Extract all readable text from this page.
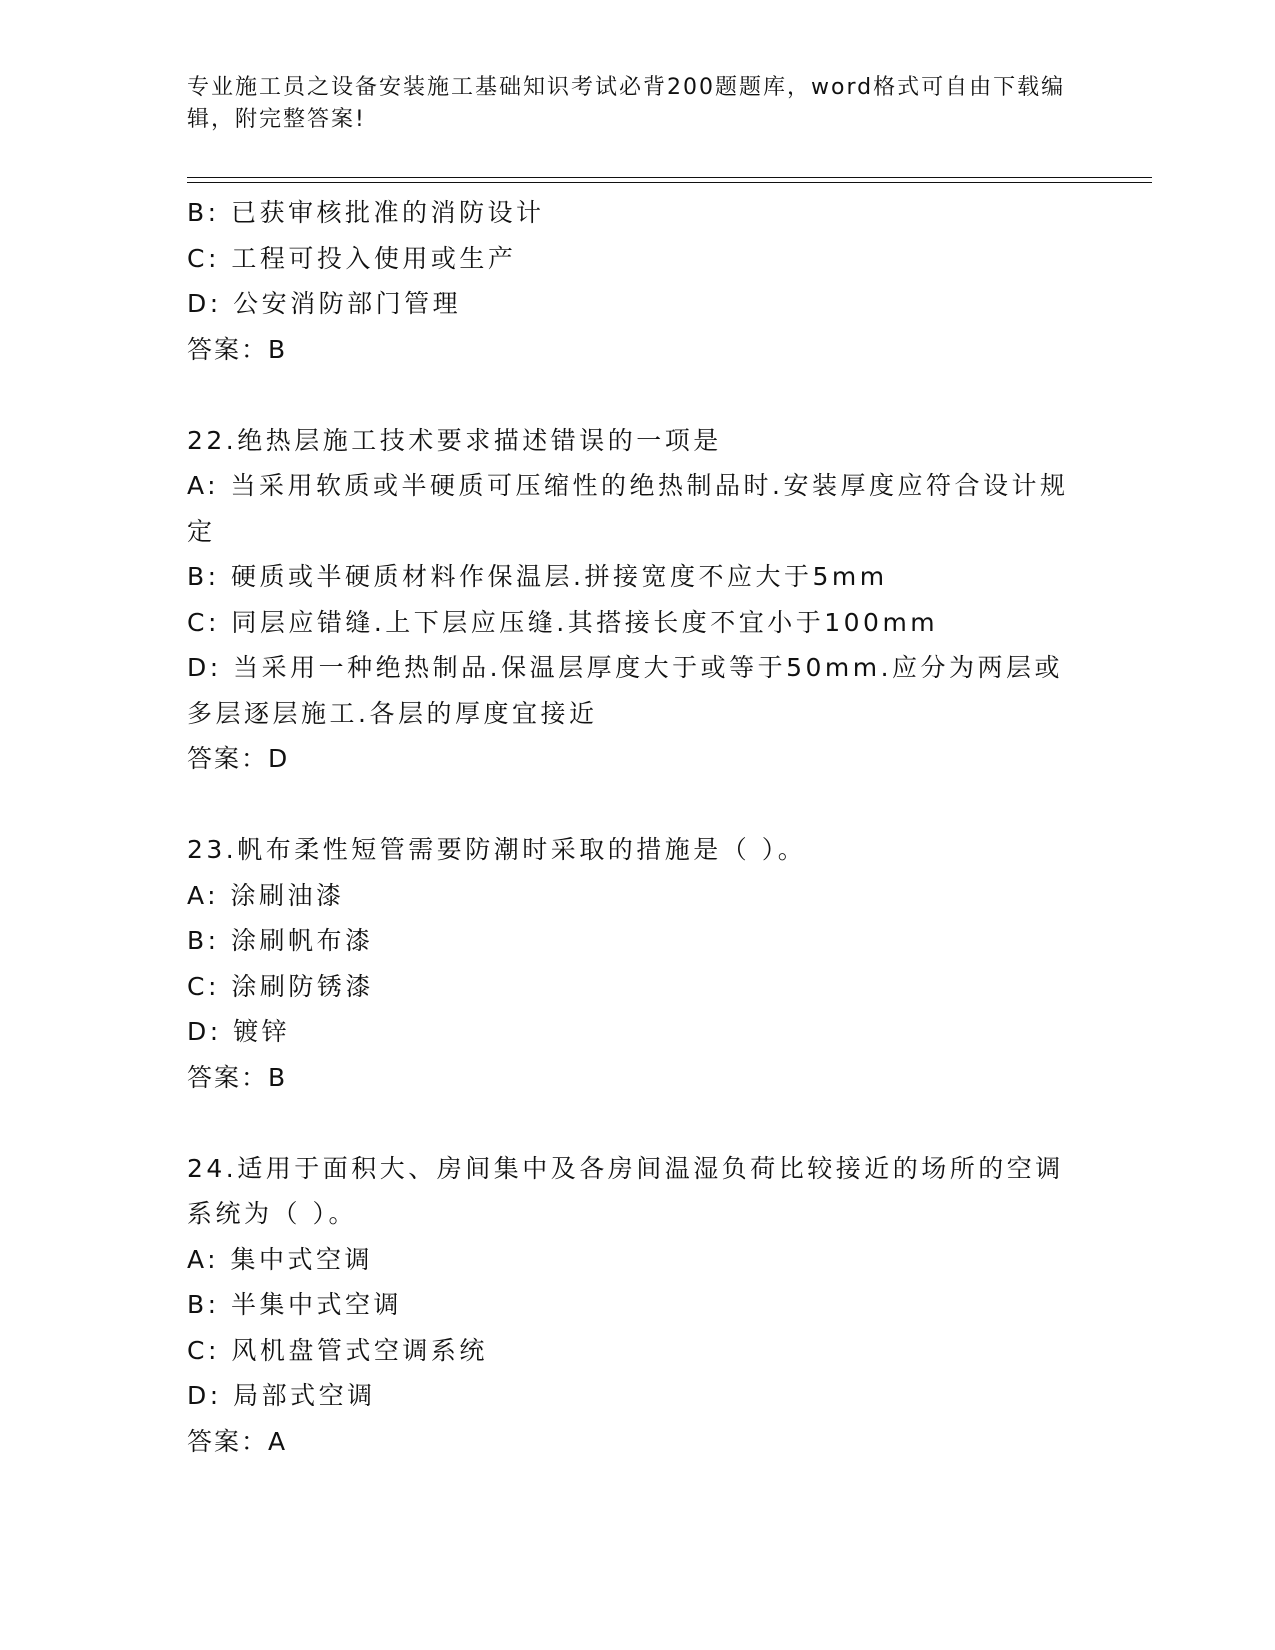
专业施工员之设备安装施工基础知识考试必背200题题库，word格式可自由下载编辑，附完整答案!

B: 已获审核批准的消防设计

C: 工程可投入使用或生产

D: 公安消防部门管理

答案：B

22.绝热层施工技术要求描述错误的一项是

A: 当采用软质或半硬质可压缩性的绝热制品时.安装厚度应符合设计规定

B: 硬质或半硬质材料作保温层.拼接宽度不应大于5mm

C: 同层应错缝.上下层应压缝.其搭接长度不宜小于100mm

D: 当采用一种绝热制品.保温层厚度大于或等于50mm.应分为两层或多层逐层施工.各层的厚度宜接近

答案：D

23.帆布柔性短管需要防潮时采取的措施是（ ）。

A: 涂刷油漆

B: 涂刷帆布漆

C: 涂刷防锈漆

D: 镀锌

答案：B

24.适用于面积大、房间集中及各房间温湿负荷比较接近的场所的空调系统为（ ）。

A: 集中式空调

B: 半集中式空调

C: 风机盘管式空调系统

D: 局部式空调

答案：A
